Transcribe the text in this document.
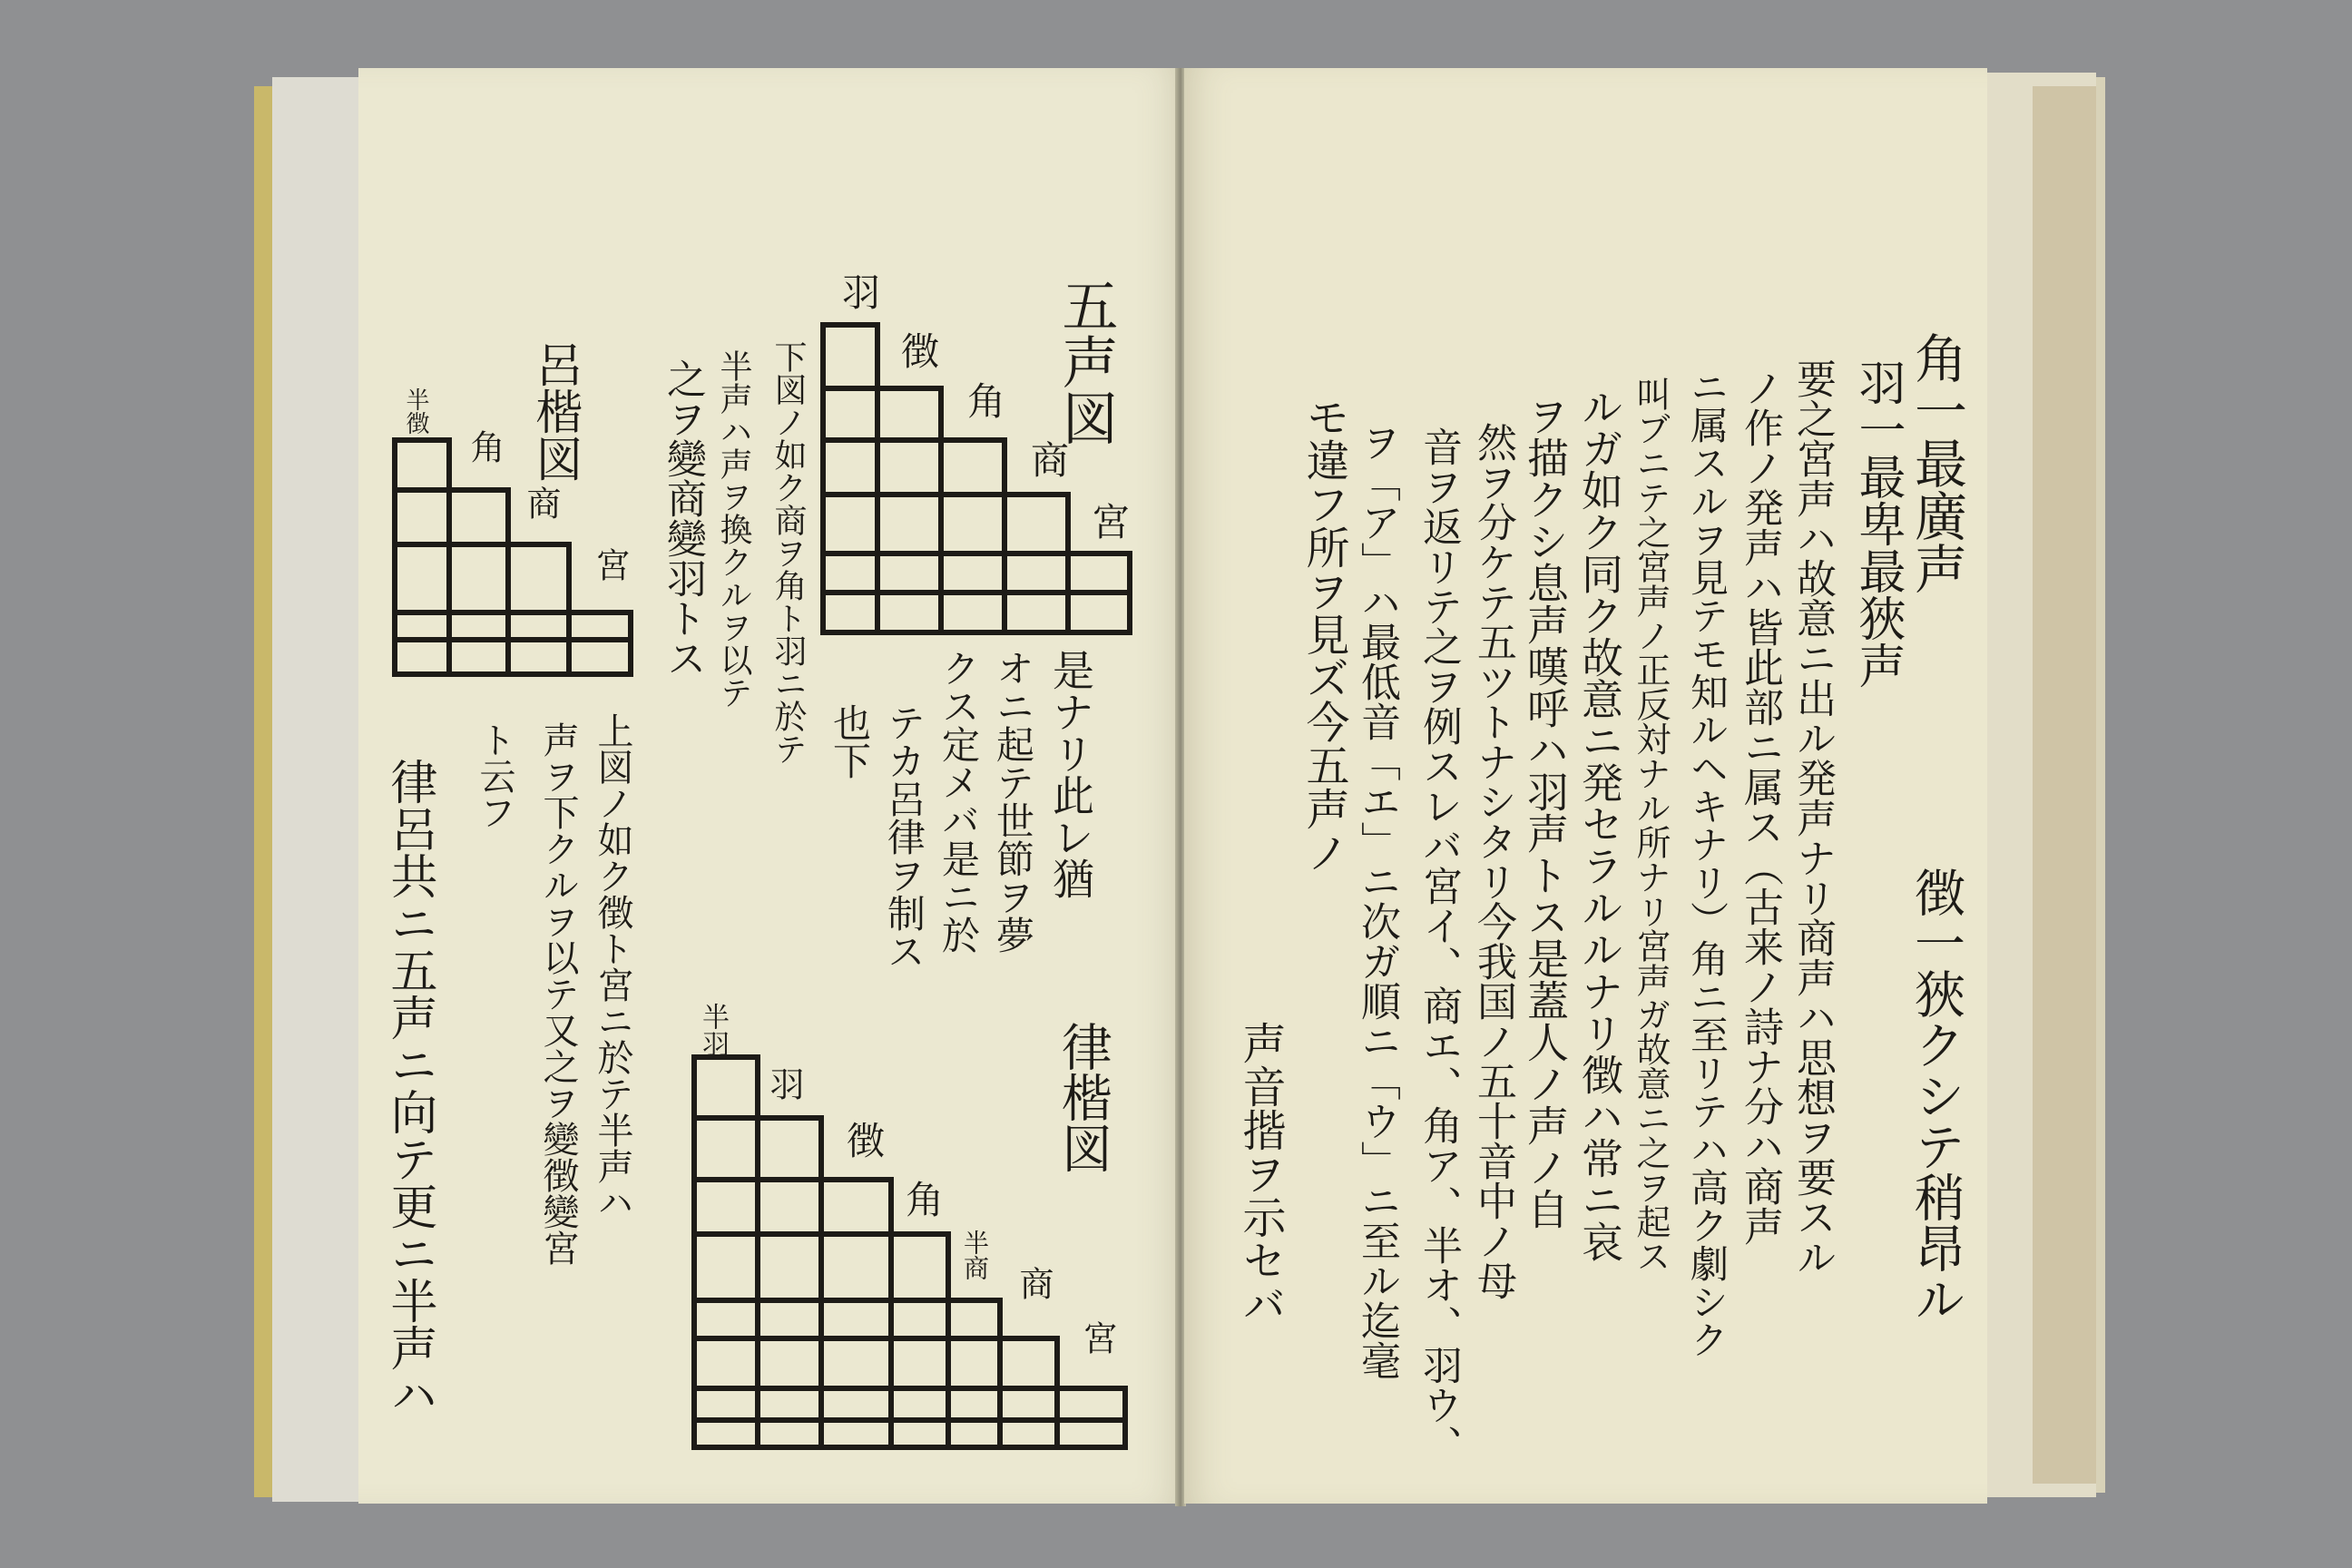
五声図
羽
徴
角
商
宮
呂楷図
半徴
角
商
宮
律楷図
半羽
羽
徴
角
半商
商
宮
是ナリ此レ猶
オニ起テ世節ヲ夢
クス定メバ是ニ於
テカ呂律ヲ制ス
也下
下図ノ如ク商ヲ角ト羽ニ於テ
半声ハ声ヲ換クルヲ以テ
之ヲ變商變羽トス
上図ノ如ク徴ト宮ニ於テ半声ハ
声ヲ下クルヲ以テ又之ヲ變徴變宮
ト云フ
律呂共ニ五声ニ向テ更ニ半声ハ
角一最廣声
羽一最卑最狹声
徴一狹クシテ稍昂ル
要之宮声ハ故意ニ出ル発声ナリ商声ハ思想ヲ要スル
ノ作ノ発声ハ皆此部ニ属ス（古来ノ詩ナ分ハ商声
ニ属スルヲ見テモ知ルヘキナリ）角ニ至リテハ高ク劇シク
叫ブニテ之宮声ノ正反対ナル所ナリ宮声ガ故意ニ之ヲ起ス
ルガ如ク同ク故意ニ発セラルルナリ徴ハ常ニ哀
ヲ描クシ息声嘆呼ハ羽声トス是蓋人ノ声ノ自
然ヲ分ケテ五ツトナシタリ今我国ノ五十音中ノ母
音ヲ返リテ之ヲ例スレバ宮イ、商エ、角ア、半オ、羽ウ、
ヲ「ア」ハ最低音「エ」ニ次ガ順ニ「ウ」ニ至ル迄毫
モ違フ所ヲ見ズ今五声ノ
声音揩ヲ示セバ
